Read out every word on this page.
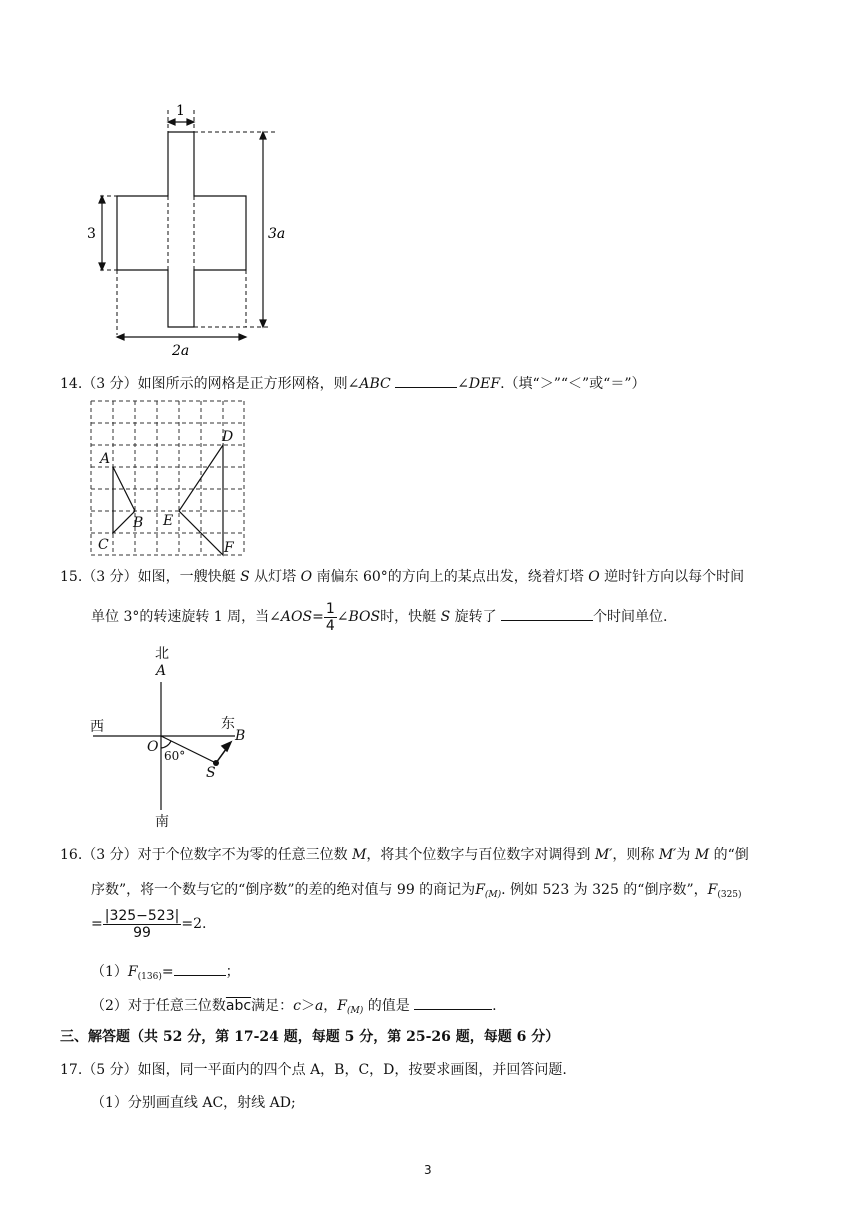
1
3	3a
2a
14.（3 分）如图所示的网格是正方形网格，则∠ABC	∠DEF.（填“＞”“＜”或“＝”）
A
B
C
D
E
F
15.（3 分）如图，一艘快艇 S 从灯塔 O 南偏东 60°的方向上的某点出发，绕着灯塔 O 逆时针方向以每个时间
单位 3°的转速旋转 1 周，当∠AOS= $\frac{1}{4}$ ∠BOS时，快艇 S 旋转了	个时间单位.
北
A
西	东
B
O
60°
S
南
16.（3 分）对于个位数字不为零的任意三位数 M，将其个位数字与百位数字对调得到 M′，则称 M′为 M 的“倒
序数”，将一个数与它的“倒序数”的差的绝对值与 99 的商记为$F_{(M)}$. 例如 523 为 325 的“倒序数”，$F_{(325)}$
= $\frac{|325-523|}{99} =2$.
$(1)F_{(136)}=$	；
（2）对于任意三位数$\overline{abc}$满足：c＞a，$F_{(M)}$ 的值是	.
三、解答题（共 52 分，第 17-24 题，每题 5 分，第 25-26 题，每题 6 分）
17.（5 分）如图，同一平面内的四个点 A，B，C，D，按要求画图，并回答问题.
（1）分别画直线 AC，射线 AD;
3
